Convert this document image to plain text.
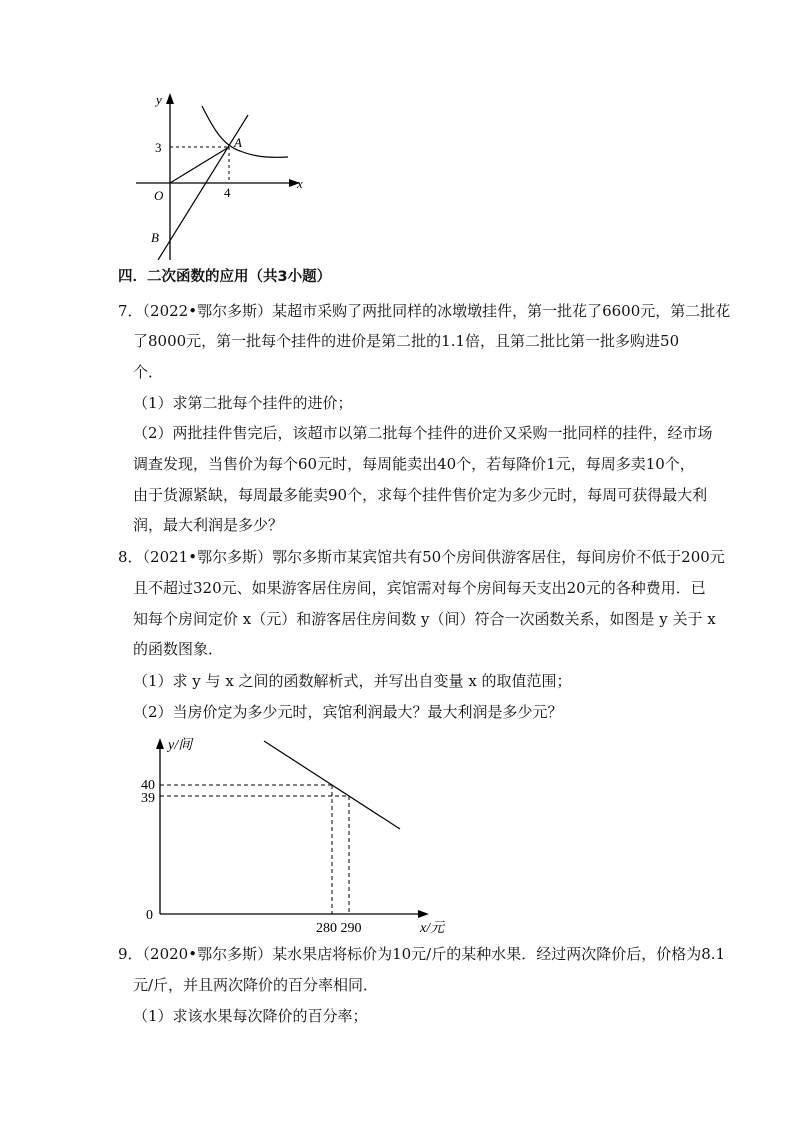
y
x
O
A
B
3
4
四．二次函数的应用（共3小题）
7．（2022•鄂尔多斯）某超市采购了两批同样的冰墩墩挂件，第一批花了6600元，第二批花
了8000元，第一批每个挂件的进价是第二批的1.1倍，且第二批比第一批多购进50
个．
（1）求第二批每个挂件的进价；
（2）两批挂件售完后，该超市以第二批每个挂件的进价又采购一批同样的挂件，经市场
调查发现，当售价为每个60元时，每周能卖出40个，若每降价1元，每周多卖10个，
由于货源紧缺，每周最多能卖90个，求每个挂件售价定为多少元时，每周可获得最大利
润，最大利润是多少？
8．（2021•鄂尔多斯）鄂尔多斯市某宾馆共有50个房间供游客居住，每间房价不低于200元
且不超过320元、如果游客居住房间，宾馆需对每个房间每天支出20元的各种费用．已
知每个房间定价 x（元）和游客居住房间数 y（间）符合一次函数关系，如图是 y 关于 x
的函数图象．
（1）求 y 与 x 之间的函数解析式，并写出自变量 x 的取值范围；
（2）当房价定为多少元时，宾馆利润最大？最大利润是多少元？
y/间
x/元
0
40
39
280 290
9．（2020•鄂尔多斯）某水果店将标价为10元/斤的某种水果．经过两次降价后，价格为8.1
元/斤，并且两次降价的百分率相同．
（1）求该水果每次降价的百分率；
